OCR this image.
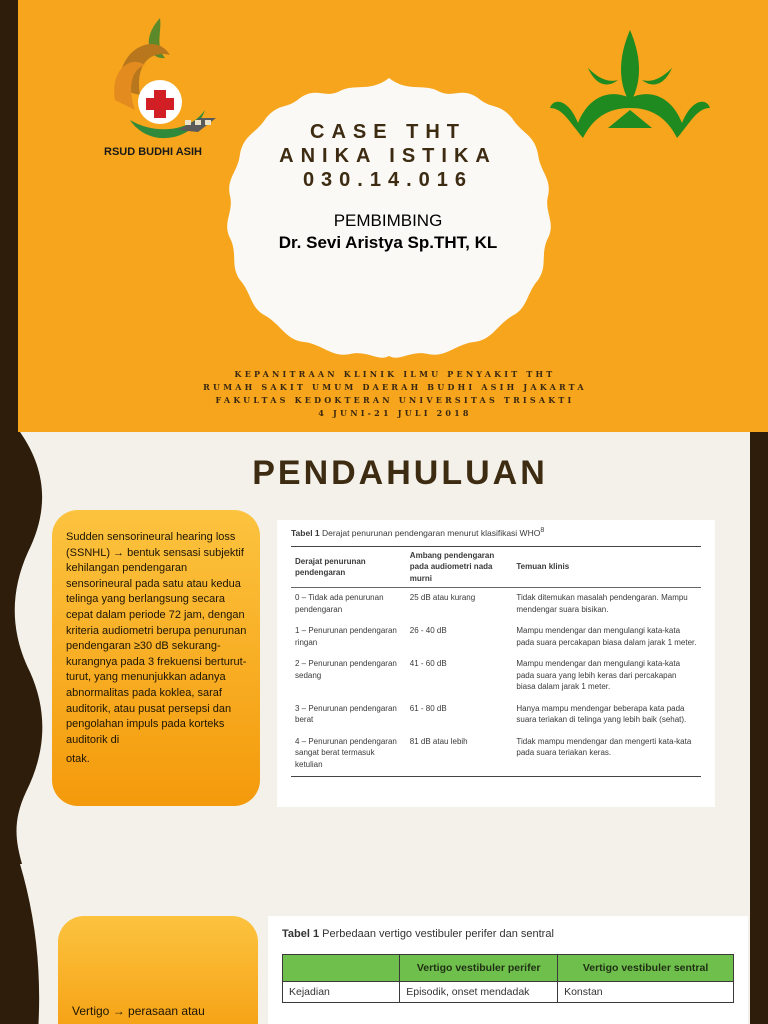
RSUD BUDHI ASIH
CASE THT
ANIKA ISTIKA
030.14.016
PEMBIMBING
Dr. Sevi Aristya Sp.THT, KL
KEPANITRAAN KLINIK ILMU PENYAKIT THT
RUMAH SAKIT UMUM DAERAH BUDHI ASIH JAKARTA
FAKULTAS KEDOKTERAN UNIVERSITAS TRISAKTI
4 JUNI-21 JULI 2018
PENDAHULUAN
Sudden sensorineural hearing loss (SSNHL) → bentuk sensasi subjektif kehilangan pendengaran sensorineural pada satu atau kedua telinga yang berlangsung secara cepat dalam periode 72 jam, dengan kriteria audiometri berupa penurunan pendengaran ≥30 dB sekurang-kurangnya pada 3 frekuensi berturut-turut, yang menunjukkan adanya abnormalitas pada koklea, saraf auditorik, atau pusat persepsi dan pengolahan impuls pada korteks auditorik di
otak.
Tabel 1 Derajat penurunan pendengaran menurut klasifikasi WHO$^8$
Derajat penurunan pendengaran	Ambang pendengaran pada audiometri nada murni	Temuan klinis
0 – Tidak ada penurunan pendengaran	25 dB atau kurang	Tidak ditemukan masalah pendengaran. Mampu mendengar suara bisikan.
1 – Penurunan pendengaran ringan	26 - 40 dB	Mampu mendengar dan mengulangi kata-kata pada suara percakapan biasa dalam jarak 1 meter.
2 – Penurunan pendengaran sedang	41 - 60 dB	Mampu mendengar dan mengulangi kata-kata pada suara yang lebih keras dari percakapan biasa dalam jarak 1 meter.
3 – Penurunan pendengaran berat	61 - 80 dB	Hanya mampu mendengar beberapa kata pada suara teriakan di telinga yang lebih baik (sehat).
4 – Penurunan pendengaran sangat berat termasuk ketulian	81 dB atau lebih	Tidak mampu mendengar dan mengerti kata-kata pada suara teriakan keras.
Vertigo → perasaan atau
Tabel 1 Perbedaan vertigo vestibuler perifer dan sentral
	Vertigo vestibuler perifer	Vertigo vestibuler sentral
Kejadian	Episodik, onset mendadak	Konstan
